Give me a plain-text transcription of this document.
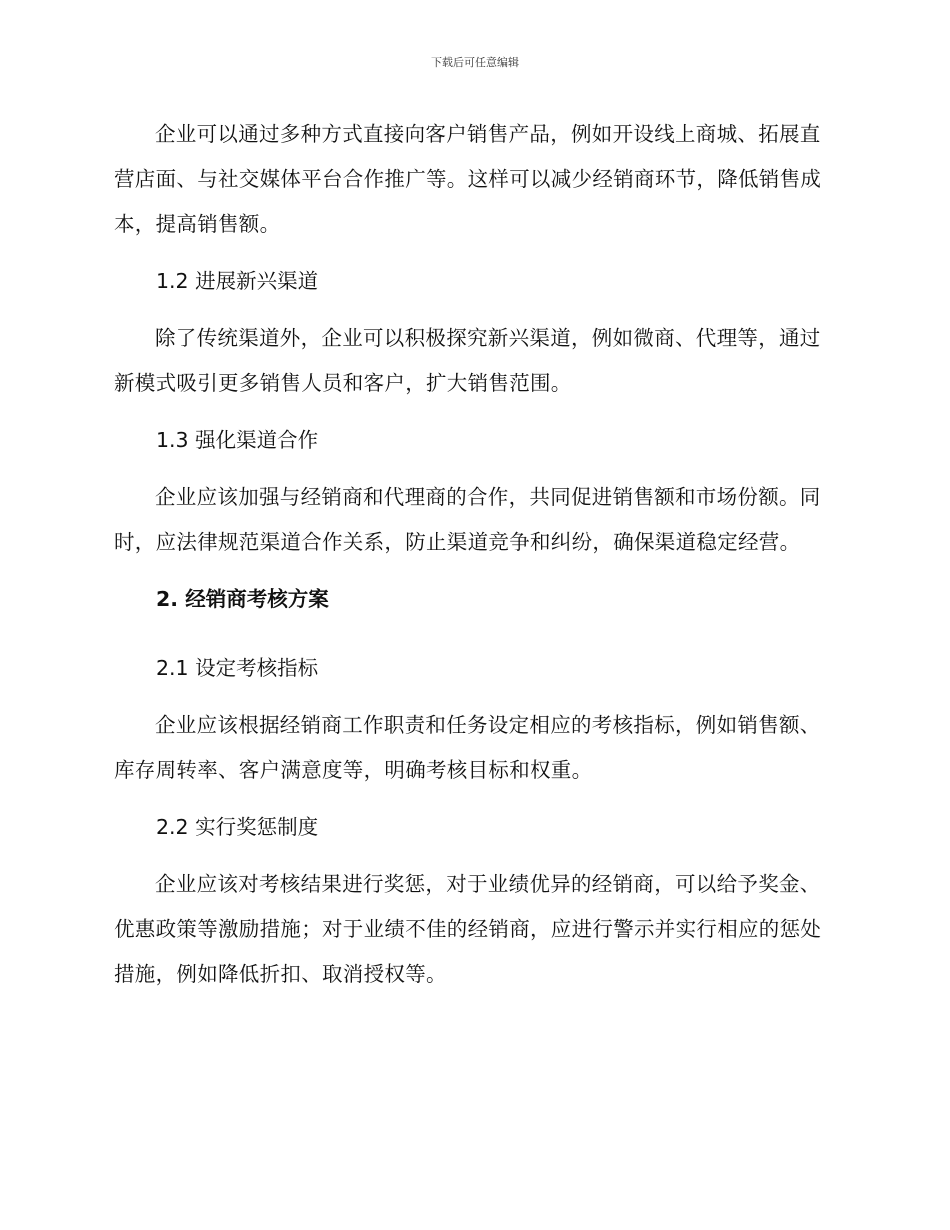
下载后可任意编辑

企业可以通过多种方式直接向客户销售产品，例如开设线上商城、拓展直营店面、与社交媒体平台合作推广等。这样可以减少经销商环节，降低销售成本，提高销售额。

1.2 进展新兴渠道

除了传统渠道外，企业可以积极探究新兴渠道，例如微商、代理等，通过新模式吸引更多销售人员和客户，扩大销售范围。

1.3 强化渠道合作

企业应该加强与经销商和代理商的合作，共同促进销售额和市场份额。同时，应法律规范渠道合作关系，防止渠道竞争和纠纷，确保渠道稳定经营。

2. 经销商考核方案

2.1 设定考核指标

企业应该根据经销商工作职责和任务设定相应的考核指标，例如销售额、库存周转率、客户满意度等，明确考核目标和权重。

2.2 实行奖惩制度

企业应该对考核结果进行奖惩，对于业绩优异的经销商，可以给予奖金、优惠政策等激励措施；对于业绩不佳的经销商，应进行警示并实行相应的惩处措施，例如降低折扣、取消授权等。
